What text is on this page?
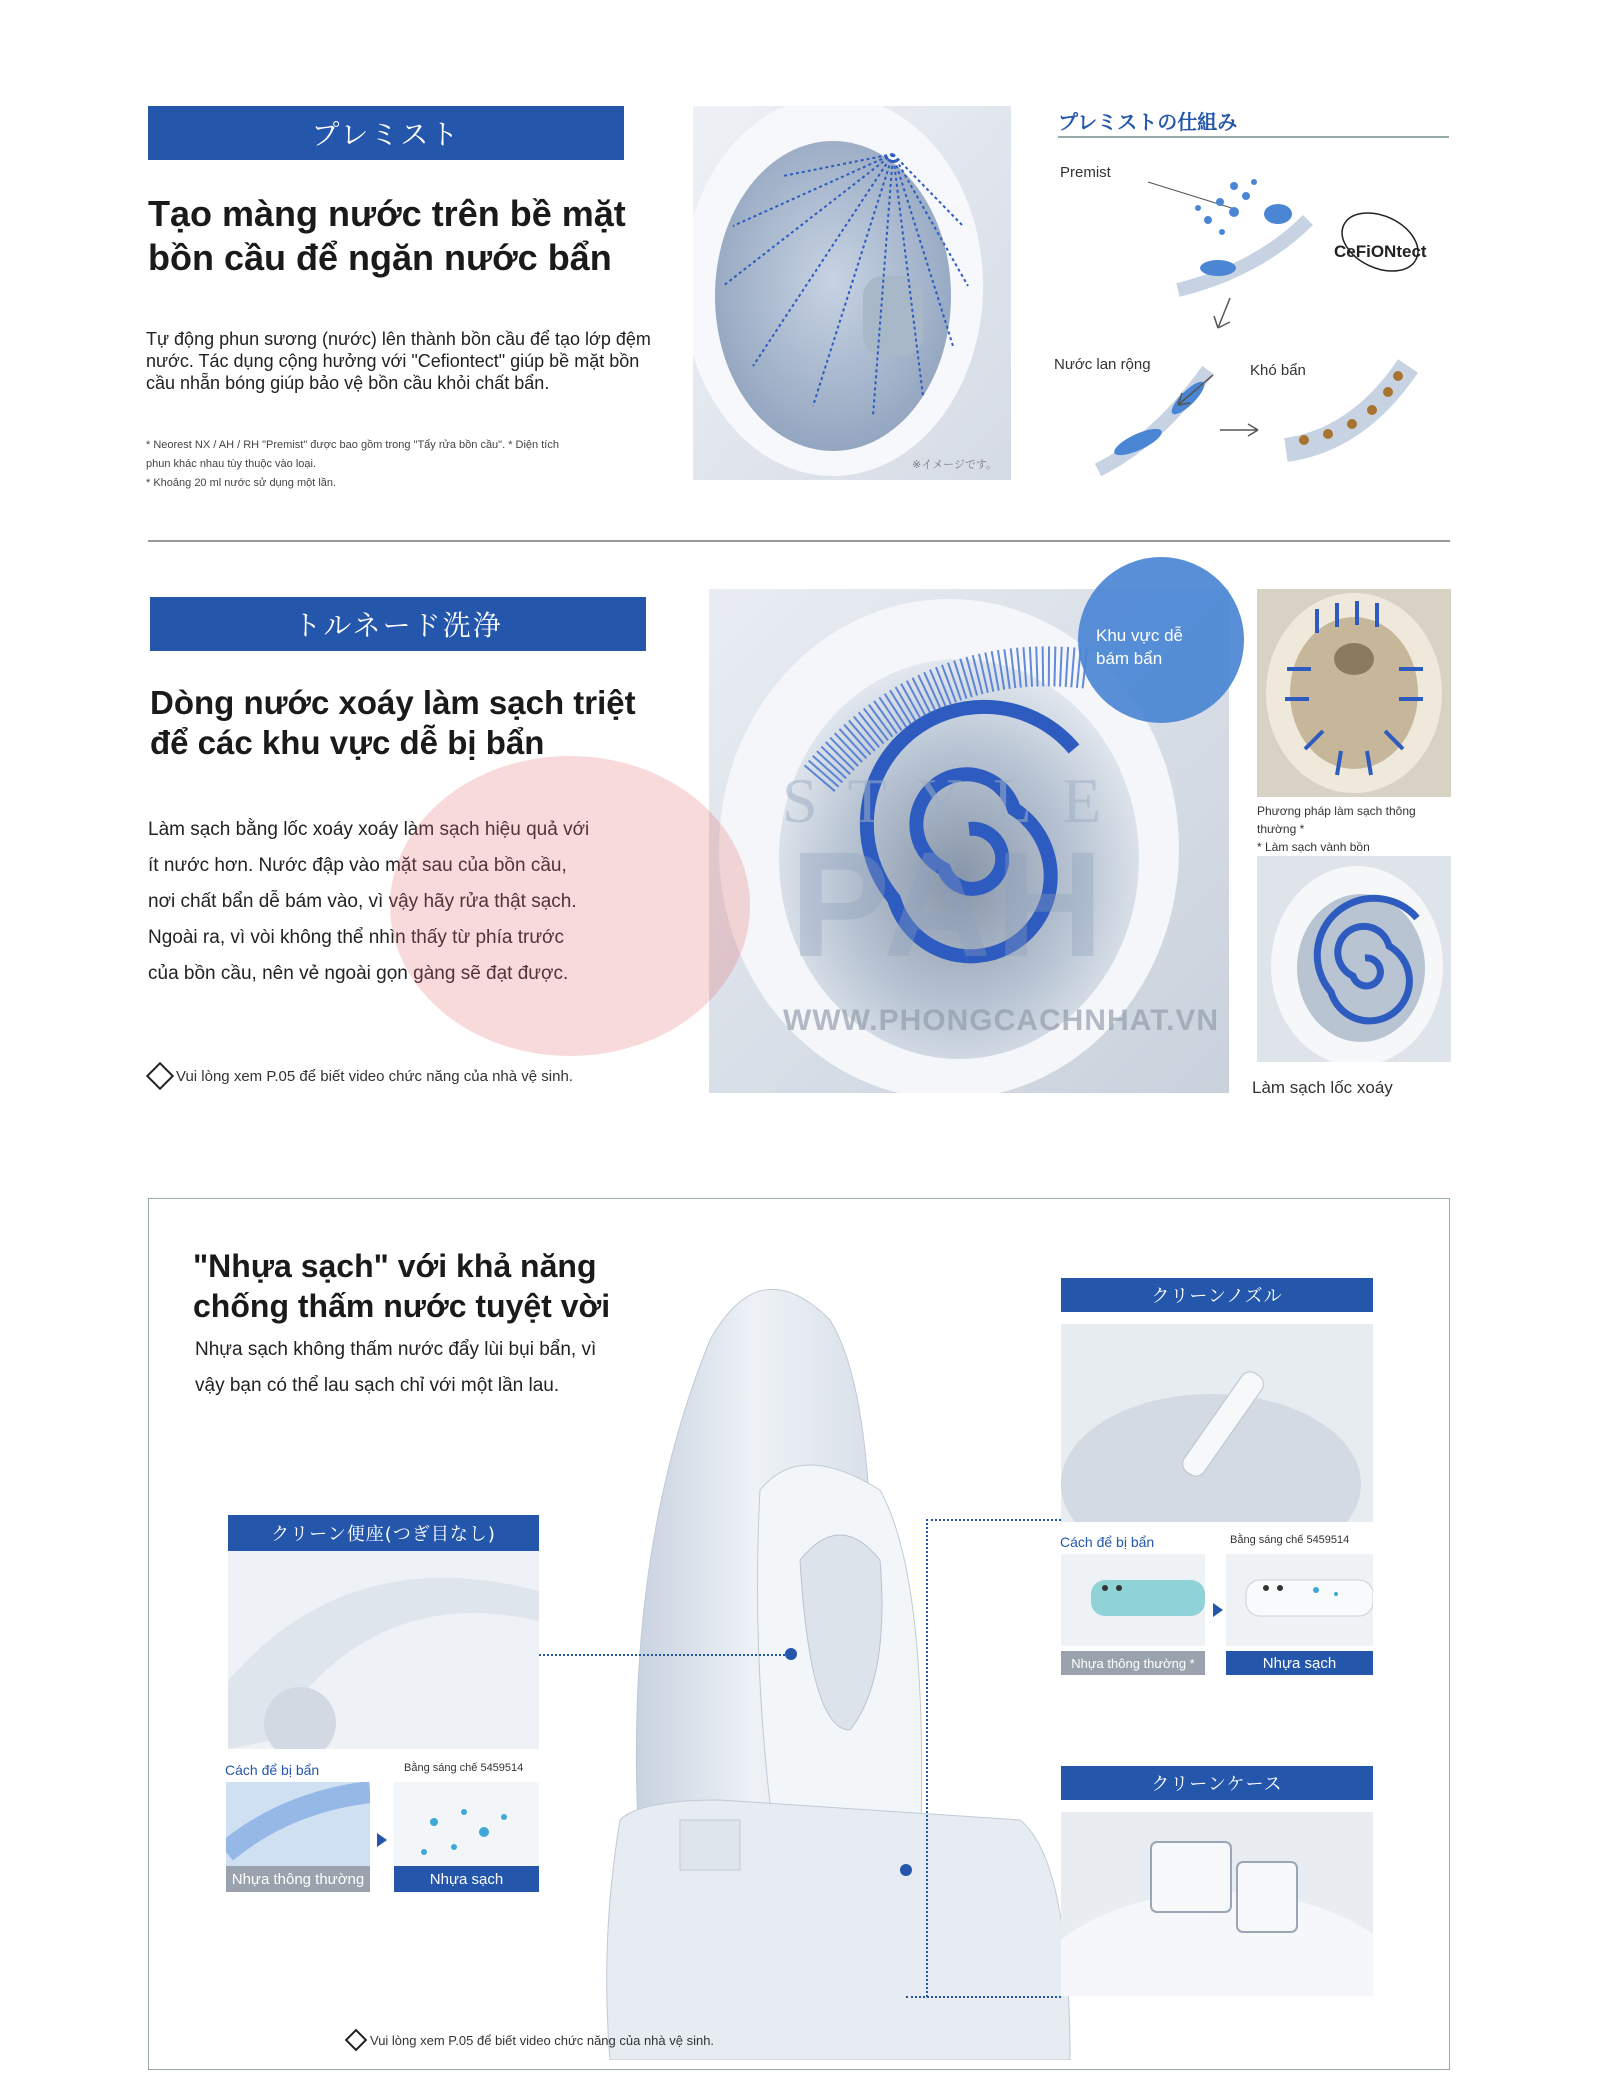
プレミスト
Tạo màng nước trên bề mặt
bồn cầu để ngăn nước bẩn
Tự động phun sương (nước) lên thành bồn cầu để tạo lớp đệm nước. Tác dụng cộng hưởng với "Cefiontect" giúp bề mặt bồn cầu nhẵn bóng giúp bảo vệ bồn cầu khỏi chất bẩn.
* Neorest NX / AH / RH "Premist" được bao gồm trong "Tẩy rửa bồn cầu". * Diện tích phun khác nhau tùy thuộc vào loại.
* Khoảng 20 ml nước sử dụng một lần.
※イメージです。
プレミストの仕組み
Premist
CeFiONtect
Nước lan rộng	Khó bẩn
トルネード洗浄
Dòng nước xoáy làm sạch triệt
để các khu vực dễ bị bẩn
Làm sạch bằng lốc xoáy xoáy làm sạch hiệu quả với
ít nước hơn. Nước đập vào mặt sau của bồn cầu,
nơi chất bẩn dễ bám vào, vì vậy hãy rửa thật sạch.
Ngoài ra, vì vòi không thể nhìn thấy từ phía trước
của bồn cầu, nên vẻ ngoài gọn gàng sẽ đạt được.
Vui lòng xem P.05 để biết video chức năng của nhà vệ sinh.
Khu vực dễ
bám bẩn
STYLE
PAH
WWW.PHONGCACHNHAT.VN
Phương pháp làm sạch thông
thường *
* Làm sạch vành bồn
Làm sạch lốc xoáy
"Nhựa sạch" với khả năng
chống thấm nước tuyệt vời
Nhựa sạch không thấm nước đẩy lùi bụi bẩn, vì
vậy bạn có thể lau sạch chỉ với một lần lau.
クリーン便座(つぎ目なし)
Cách để bị bẩn	Bằng sáng chế 5459514
Nhựa thông thường	Nhựa sạch
クリーンノズル
Cách để bị bẩn	Bằng sáng chế 5459514
Nhựa thông thường *	Nhựa sạch
クリーンケース
Vui lòng xem P.05 để biết video chức năng của nhà vệ sinh.
